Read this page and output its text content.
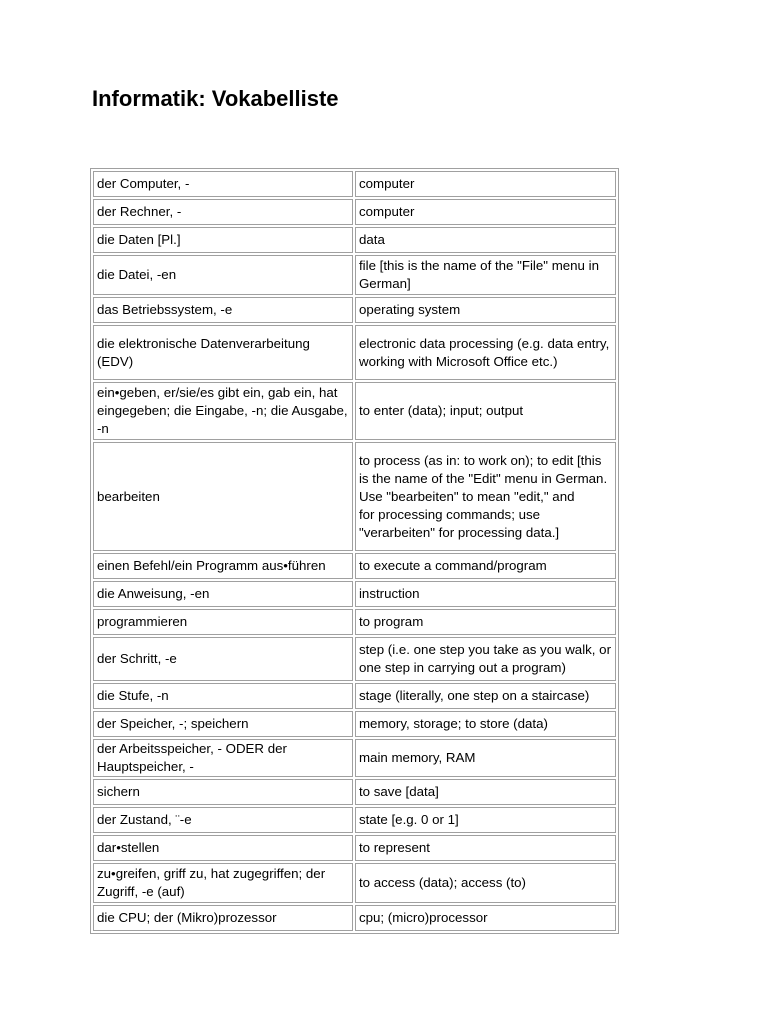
Informatik: Vokabelliste
der Computer, -	computer
der Rechner, -	computer
die Daten [Pl.]	data
die Datei, -en	file [this is the name of the "File" menu in German]
das Betriebssystem, -e	operating system
die elektronische Datenverarbeitung (EDV)	electronic data processing (e.g. data entry, working with Microsoft Office etc.)
ein•geben, er/sie/es gibt ein, gab ein, hat eingegeben; die Eingabe, -n; die Ausgabe, -n	to enter (data); input; output
bearbeiten	to process (as in: to work on); to edit [this is the name of the "Edit" menu in German. Use "bearbeiten" to mean "edit," and
for processing commands; use "verarbeiten" for processing data.]
einen Befehl/ein Programm aus•führen	to execute a command/program
die Anweisung, -en	instruction
programmieren	to program
der Schritt, -e	step (i.e. one step you take as you walk, or one step in carrying out a program)
die Stufe, -n	stage (literally, one step on a staircase)
der Speicher, -; speichern	memory, storage; to store (data)
der Arbeitsspeicher, - ODER der Hauptspeicher, -	main memory, RAM
sichern	to save [data]
der Zustand, ¨-e	state [e.g. 0 or 1]
dar•stellen	to represent
zu•greifen, griff zu, hat zugegriffen; der Zugriff, -e (auf)	to access (data); access (to)
die CPU; der (Mikro)prozessor	cpu; (micro)processor
